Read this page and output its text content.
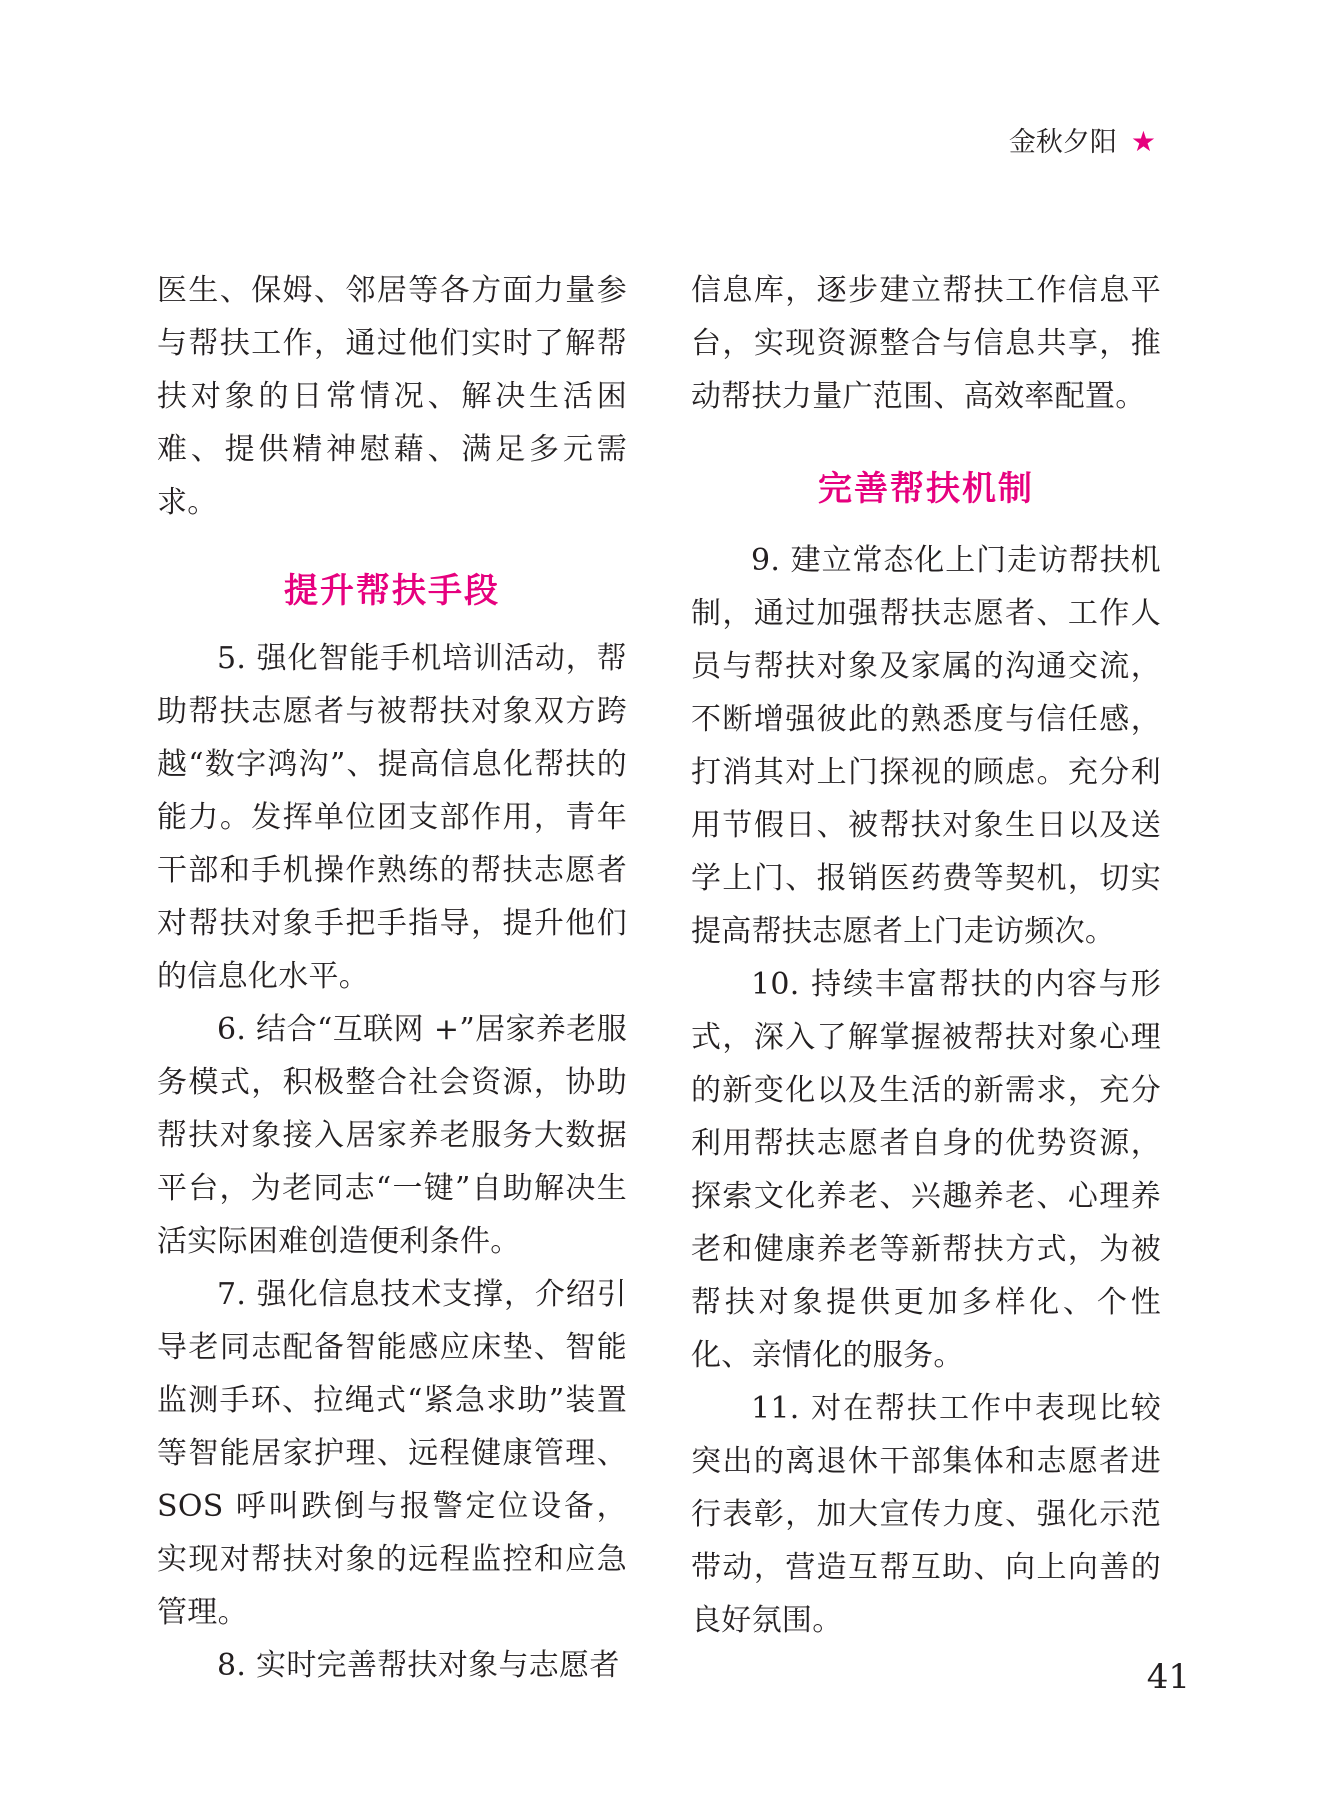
金秋夕阳 ★

医生、保姆、邻居等各方面力量参与帮扶工作，通过他们实时了解帮扶对象的日常情况、解决生活困难、提供精神慰藉、满足多元需求。

提升帮扶手段

5. 强化智能手机培训活动，帮助帮扶志愿者与被帮扶对象双方跨越“数字鸿沟”、提高信息化帮扶的能力。发挥单位团支部作用，青年干部和手机操作熟练的帮扶志愿者对帮扶对象手把手指导，提升他们的信息化水平。

6. 结合“互联网 +”居家养老服务模式，积极整合社会资源，协助帮扶对象接入居家养老服务大数据平台，为老同志“一键”自助解决生活实际困难创造便利条件。

7. 强化信息技术支撑，介绍引导老同志配备智能感应床垫、智能监测手环、拉绳式“紧急求助”装置等智能居家护理、远程健康管理、SOS 呼叫跌倒与报警定位设备，实现对帮扶对象的远程监控和应急管理。

8. 实时完善帮扶对象与志愿者

信息库，逐步建立帮扶工作信息平台，实现资源整合与信息共享，推动帮扶力量广范围、高效率配置。

完善帮扶机制

9. 建立常态化上门走访帮扶机制，通过加强帮扶志愿者、工作人员与帮扶对象及家属的沟通交流，不断增强彼此的熟悉度与信任感，打消其对上门探视的顾虑。充分利用节假日、被帮扶对象生日以及送学上门、报销医药费等契机，切实提高帮扶志愿者上门走访频次。

10. 持续丰富帮扶的内容与形式，深入了解掌握被帮扶对象心理的新变化以及生活的新需求，充分利用帮扶志愿者自身的优势资源，探索文化养老、兴趣养老、心理养老和健康养老等新帮扶方式，为被帮扶对象提供更加多样化、个性化、亲情化的服务。

11. 对在帮扶工作中表现比较突出的离退休干部集体和志愿者进行表彰，加大宣传力度、强化示范带动，营造互帮互助、向上向善的良好氛围。

41
